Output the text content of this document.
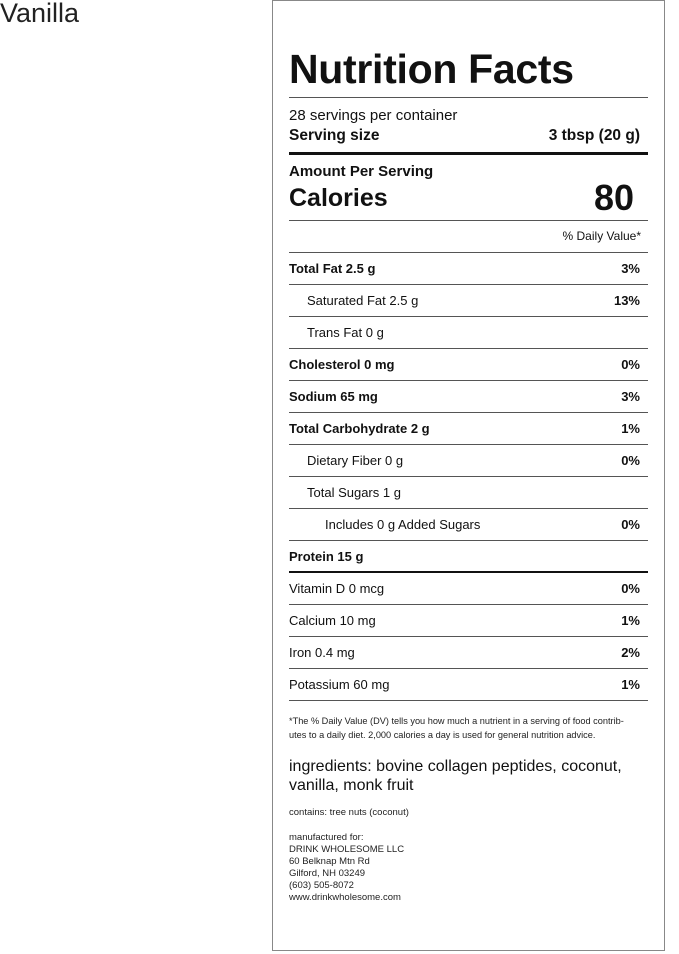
Vanilla
Nutrition Facts
28 servings per container
Serving size	3 tbsp (20 g)
Amount Per Serving
Calories	80
% Daily Value*
Total Fat 2.5 g	3%
Saturated Fat 2.5 g	13%
Trans Fat 0 g
Cholesterol 0 mg	0%
Sodium 65 mg	3%
Total Carbohydrate 2 g	1%
Dietary Fiber 0 g	0%
Total Sugars 1 g
Includes 0 g Added Sugars	0%
Protein 15 g
Vitamin D 0 mcg	0%
Calcium 10 mg	1%
Iron 0.4 mg	2%
Potassium 60 mg	1%
*The % Daily Value (DV) tells you how much a nutrient in a serving of food contrib-
utes to a daily diet. 2,000 calories a day is used for general nutrition advice.
ingredients: bovine collagen peptides, coconut,
vanilla, monk fruit
contains: tree nuts (coconut)
manufactured for:
DRINK WHOLESOME LLC
60 Belknap Mtn Rd
Gilford, NH 03249
(603) 505-8072
www.drinkwholesome.com
